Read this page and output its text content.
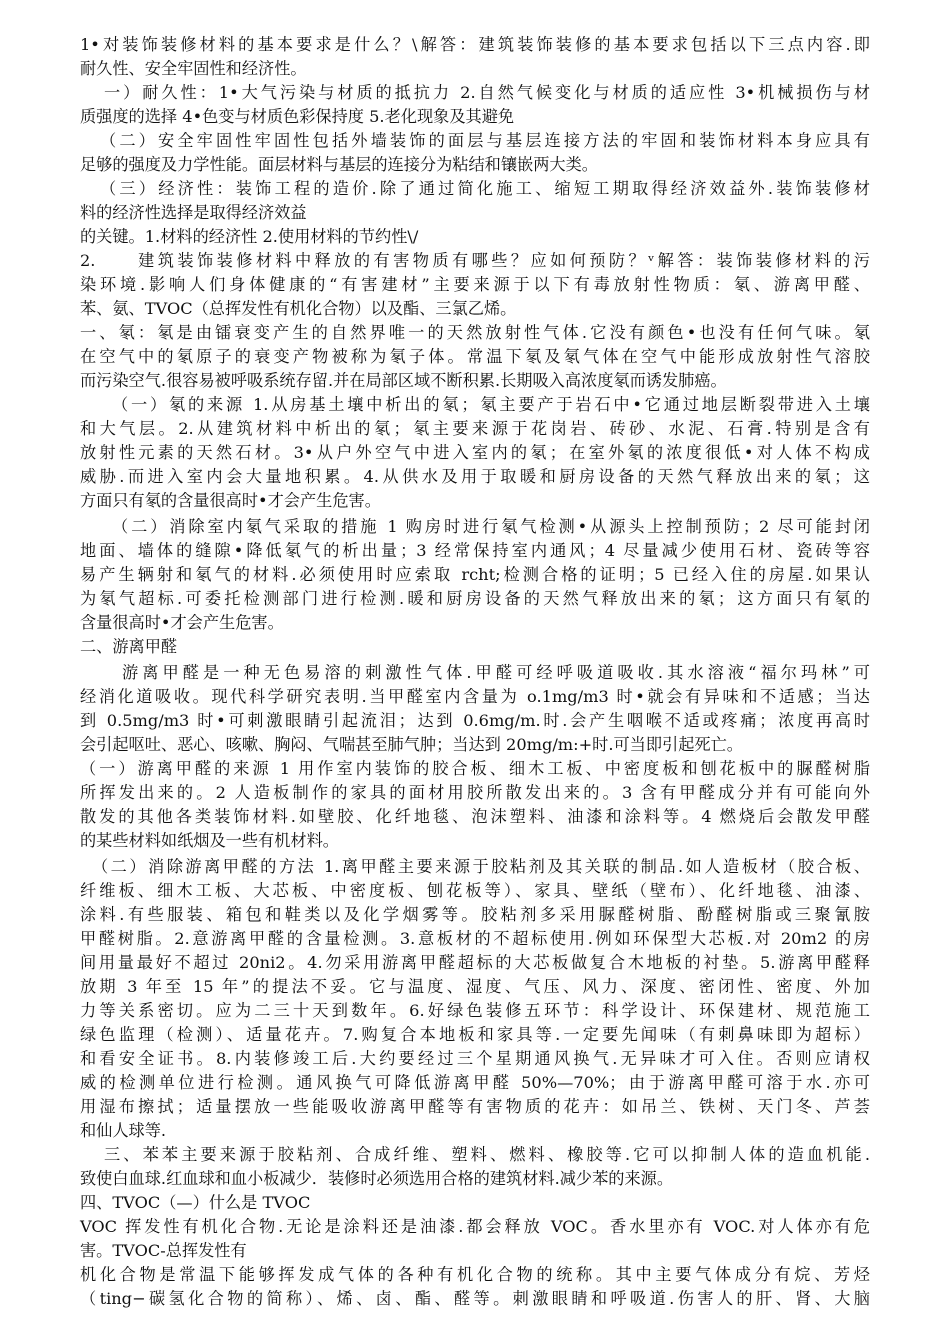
1•对装饰装修材料的基本要求是什么？\解答：建筑装饰装修的基本要求包括以下三点内容.即
耐久性、安全牢固性和经济性。
一）耐久性：1•大气污染与材质的抵抗力 2.自然气候变化与材质的适应性 3•机械损伤与材
质强度的选择 4•色变与材质色彩保持度 5.老化现象及其避免
（二）安全牢固性牢固性包括外墙装饰的面层与基层连接方法的牢固和装饰材料本身应具有
足够的强度及力学性能。面层材料与基层的连接分为粘结和镶嵌两大类。
（三）经济性：装饰工程的造价.除了通过简化施工、缩短工期取得经济效益外.装饰装修材
料的经济性选择是取得经济效益
的关键。1.材料的经济性 2.使用材料的节约性\/
2.　　建筑装饰装修材料中释放的有害物质有哪些？应如何预防？ᵛ解答：装饰装修材料的污
染环境.影响人们身体健康的“有害建材”主要来源于以下有毒放射性物质：氡、游离甲醛、
苯、氨、TVOC（总挥发性有机化合物）以及酯、三氯乙烯。
一、氡：氡是由镭衰变产生的自然界唯一的天然放射性气体.它没有颜色•也没有任何气味。氡
在空气中的氡原子的衰变产物被称为氡子体。常温下氡及氡气体在空气中能形成放射性气溶胶
而污染空气.很容易被呼吸系统存留.并在局部区域不断积累.长期吸入高浓度氡而诱发肺癌。
（一）氡的来源 1.从房基土壤中析出的氡；氡主要产于岩石中•它通过地层断裂带进入土壤
和大气层。2.从建筑材料中析出的氡；氡主要来源于花岗岩、砖砂、水泥、石膏.特别是含有
放射性元素的天然石材。3•从户外空气中进入室内的氡；在室外氡的浓度很低•对人体不构成
威胁.而进入室内会大量地积累。4.从供水及用于取暖和厨房设备的天然气释放出来的氡；这
方面只有氡的含量很高时•才会产生危害。
（二）消除室内氡气采取的措施 1 购房时进行氡气检测•从源头上控制预防；2 尽可能封闭
地面、墙体的缝隙•降低氡气的析出量；3 经常保持室内通风；4 尽量减少使用石材、瓷砖等容
易产生辆射和氡气的材料.必须使用时应索取 rcht;检测合格的证明；5 已经入住的房屋.如果认
为氡气超标.可委托检测部门进行检测.暖和厨房设备的天然气释放出来的氡；这方面只有氡的
含量很高时•才会产生危害。
二、游离甲醛
游离甲醛是一种无色易溶的刺激性气体.甲醛可经呼吸道吸收.其水溶液“福尔玛林”可
经消化道吸收。现代科学研究表明.当甲醛室内含量为 o.1mg/m3 时•就会有异味和不适感；当达
到 0.5mg/m3 时•可刺激眼睛引起流泪；达到 0.6mg/m.时.会产生咽喉不适或疼痛；浓度再高时
会引起呕吐、恶心、咳嗽、胸闷、气喘甚至肺气肿；当达到 20mg/m:+时.可当即引起死亡。
（一）游离甲醛的来源 1 用作室内装饰的胶合板、细木工板、中密度板和刨花板中的脲醛树脂
所挥发出来的。2 人造板制作的家具的面材用胶所散发出来的。3 含有甲醛成分并有可能向外
散发的其他各类装饰材料.如壁胶、化纤地毯、泡沫塑料、油漆和涂料等。4 燃烧后会散发甲醛
的某些材料如纸烟及一些有机材料。
（二）消除游离甲醛的方法 1.离甲醛主要来源于胶粘剂及其关联的制品.如人造板材（胶合板、
纤维板、细木工板、大芯板、中密度板、刨花板等）、家具、壁纸（壁布）、化纤地毯、油漆、
涂料.有些服装、箱包和鞋类以及化学烟雾等。胶粘剂多采用脲醛树脂、酚醛树脂或三聚氰胺
甲醛树脂。2.意游离甲醛的含量检测。3.意板材的不超标使用.例如环保型大芯板.对 20m2 的房
间用量最好不超过 20ni2。4.勿采用游离甲醛超标的大芯板做复合木地板的衬垫。5.游离甲醛释
放期 3 年至 15 年”的提法不妥。它与温度、湿度、气压、风力、深度、密闭性、密度、外加
力等关系密切。应为二三十天到数年。6.好绿色装修五环节：科学设计、环保建材、规范施工
绿色监理（检测）、适量花卉。7.购复合本地板和家具等.一定要先闻味（有刺鼻味即为超标）
和看安全证书。8.内装修竣工后.大约要经过三个星期通风换气.无异味才可入住。否则应请权
威的检测单位进行检测。通风换气可降低游离甲醛 50%—70%；由于游离甲醛可溶于水.亦可
用湿布擦拭；适量摆放一些能吸收游离甲醛等有害物质的花卉：如吊兰、铁树、天门冬、芦荟
和仙人球等.
三、苯苯主要来源于胶粘剂、合成纤维、塑料、燃料、橡胶等.它可以抑制人体的造血机能.
致使白血球.红血球和血小板减少．装修时必须选用合格的建筑材料.减少苯的来源。
四、TVOC（—）什么是 TVOC
VOC 挥发性有机化合物.无论是涂料还是油漆.都会释放 VOC。香水里亦有 VOC.对人体亦有危
害。TVOC-总挥发性有
机化合物是常温下能够挥发成气体的各种有机化合物的统称。其中主要气体成分有烷、芳烃
（ting−碳氢化合物的简称）、烯、卤、酯、醛等。刺激眼睛和呼吸道.伤害人的肝、肾、大脑
